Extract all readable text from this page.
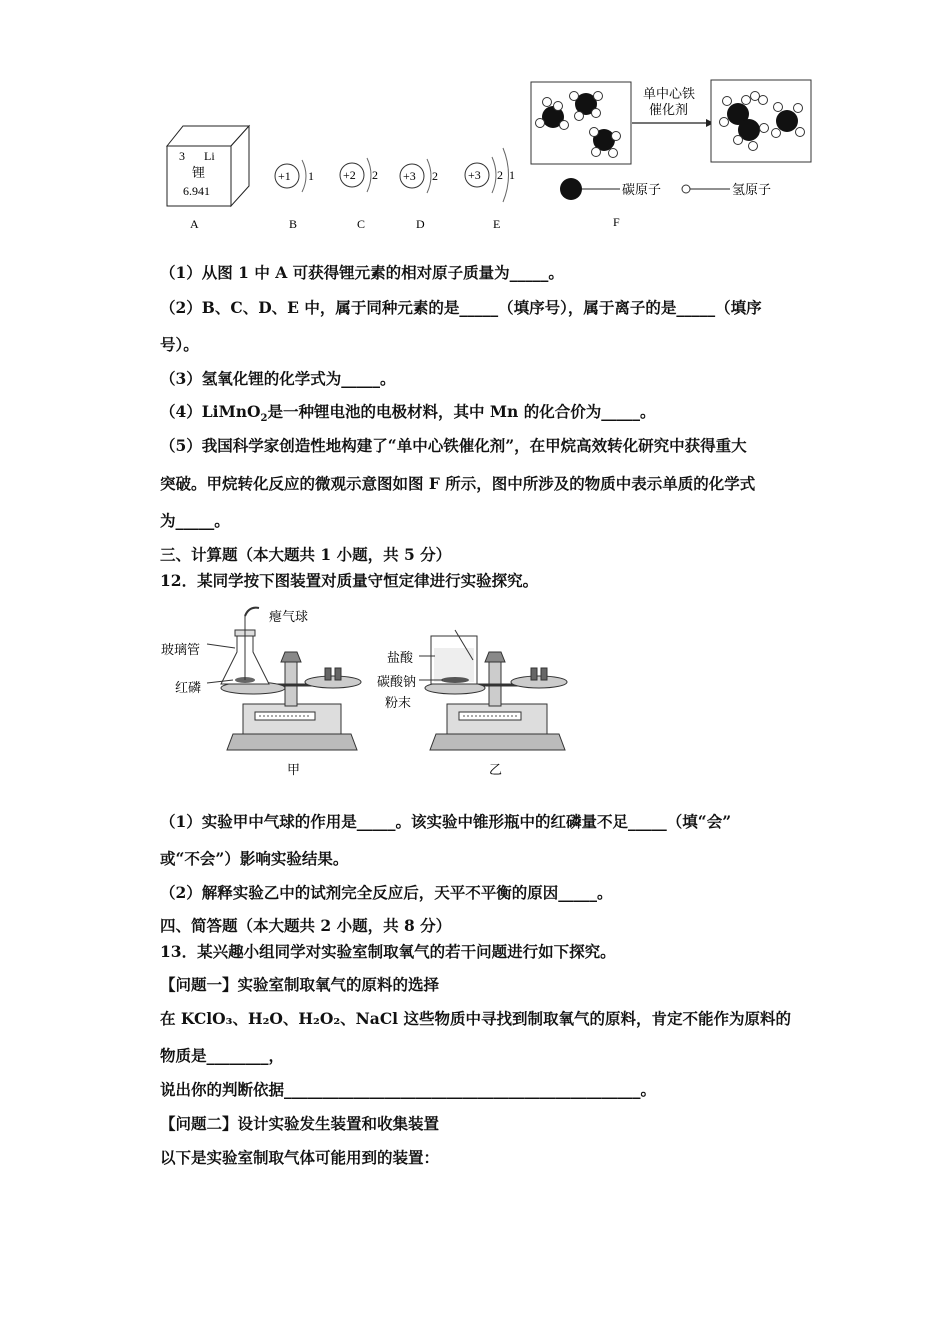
3 Li
锂
6.941
+1 1 +2 2 +3 2	+3 2 1
单中心铁
催化剂
碳原子	氢原子
A	B	C	D	E	F
（1）从图 1 中 A 可获得锂元素的相对原子质量为_____。
（2）B、C、D、E 中，属于同种元素的是_____（填序号），属于离子的是_____（填序
号）。
（3）氢氧化锂的化学式为_____。
（4）LiMnO$_2$是一种锂电池的电极材料，其中 Mn 的化合价为_____。
（5）我国科学家创造性地构建了“单中心铁催化剂”，在甲烷高效转化研究中获得重大
突破。甲烷转化反应的微观示意图如图 F 所示，图中所涉及的物质中表示单质的化学式
为_____。
三、计算题（本大题共 1 小题，共 5 分）
12．某同学按下图装置对质量守恒定律进行实验探究。
瘪气球
玻璃管
红磷
甲
盐酸
碳酸钠
粉末
乙
（1）实验甲中气球的作用是_____。该实验中锥形瓶中的红磷量不足_____（填“会”
或“不会”）影响实验结果。
（2）解释实验乙中的试剂完全反应后，天平不平衡的原因_____。
四、简答题（本大题共 2 小题，共 8 分）
13．某兴趣小组同学对实验室制取氧气的若干问题进行如下探究。
【问题一】实验室制取氧气的原料的选择
在 KClO₃、H₂O、H₂O₂、NaCl 这些物质中寻找到制取氧气的原料，肯定不能作为原料的
物质是________，
说出你的判断依据______________________________________________。
【问题二】设计实验发生装置和收集装置
以下是实验室制取气体可能用到的装置：
单中心铁催化剂
